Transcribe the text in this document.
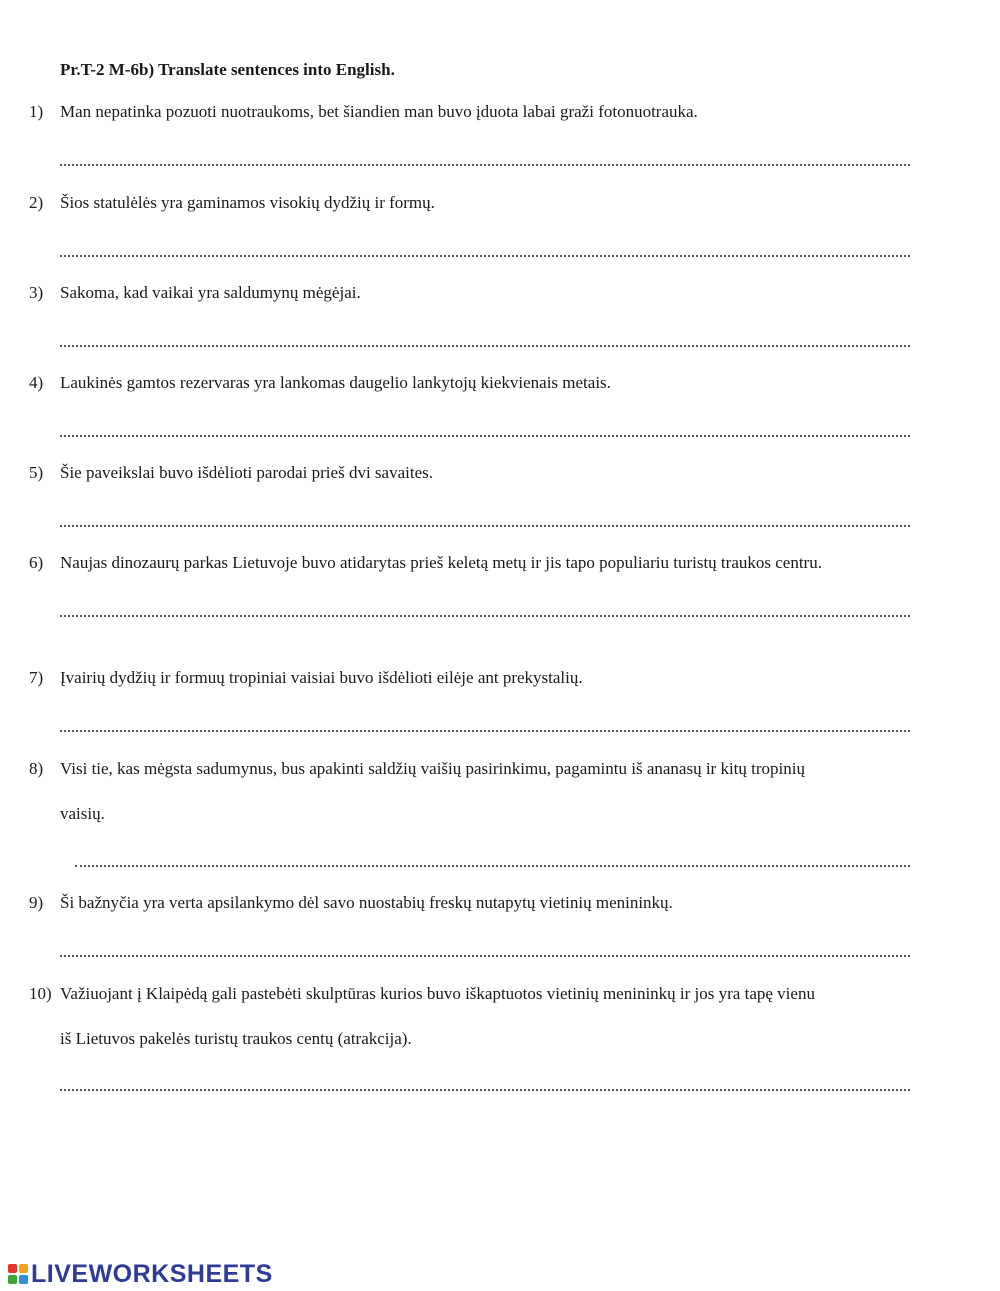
Pr.T-2 M-6b) Translate sentences into English.
1) Man nepatinka pozuoti nuotraukoms, bet šiandien man buvo įduota labai graži fotonuotrauka.
2) Šios statulėlės yra gaminamos visokių dydžių ir formų.
3) Sakoma, kad vaikai yra saldumynų mėgėjai.
4) Laukinės gamtos rezervaras yra lankomas daugelio lankytojų kiekvienais metais.
5) Šie paveikslai buvo išdėlioti parodai prieš dvi savaites.
6) Naujas dinozaurų parkas Lietuvoje buvo atidarytas prieš keletą metų ir jis tapo populiariu turistų traukos centru.
7) Įvairių dydžių ir formuų tropiniai vaisiai buvo išdėlioti eilėje ant prekystalių.
8) Visi tie, kas mėgsta sadumynus, bus apakinti saldžių vaišių pasirinkimu, pagamintu iš ananasų ir kitų tropinių
vaisių.
9) Ši bažnyčia yra verta apsilankymo dėl savo nuostabių freskų nutapytų vietinių menininkų.
10) Važiuojant į Klaipėdą gali pastebėti skulptūras kurios buvo iškaptuotos vietinių menininkų ir jos yra tapę vienu
iš Lietuvos pakelės turistų traukos centų (atrakcija).
LIVEWORKSHEETS
